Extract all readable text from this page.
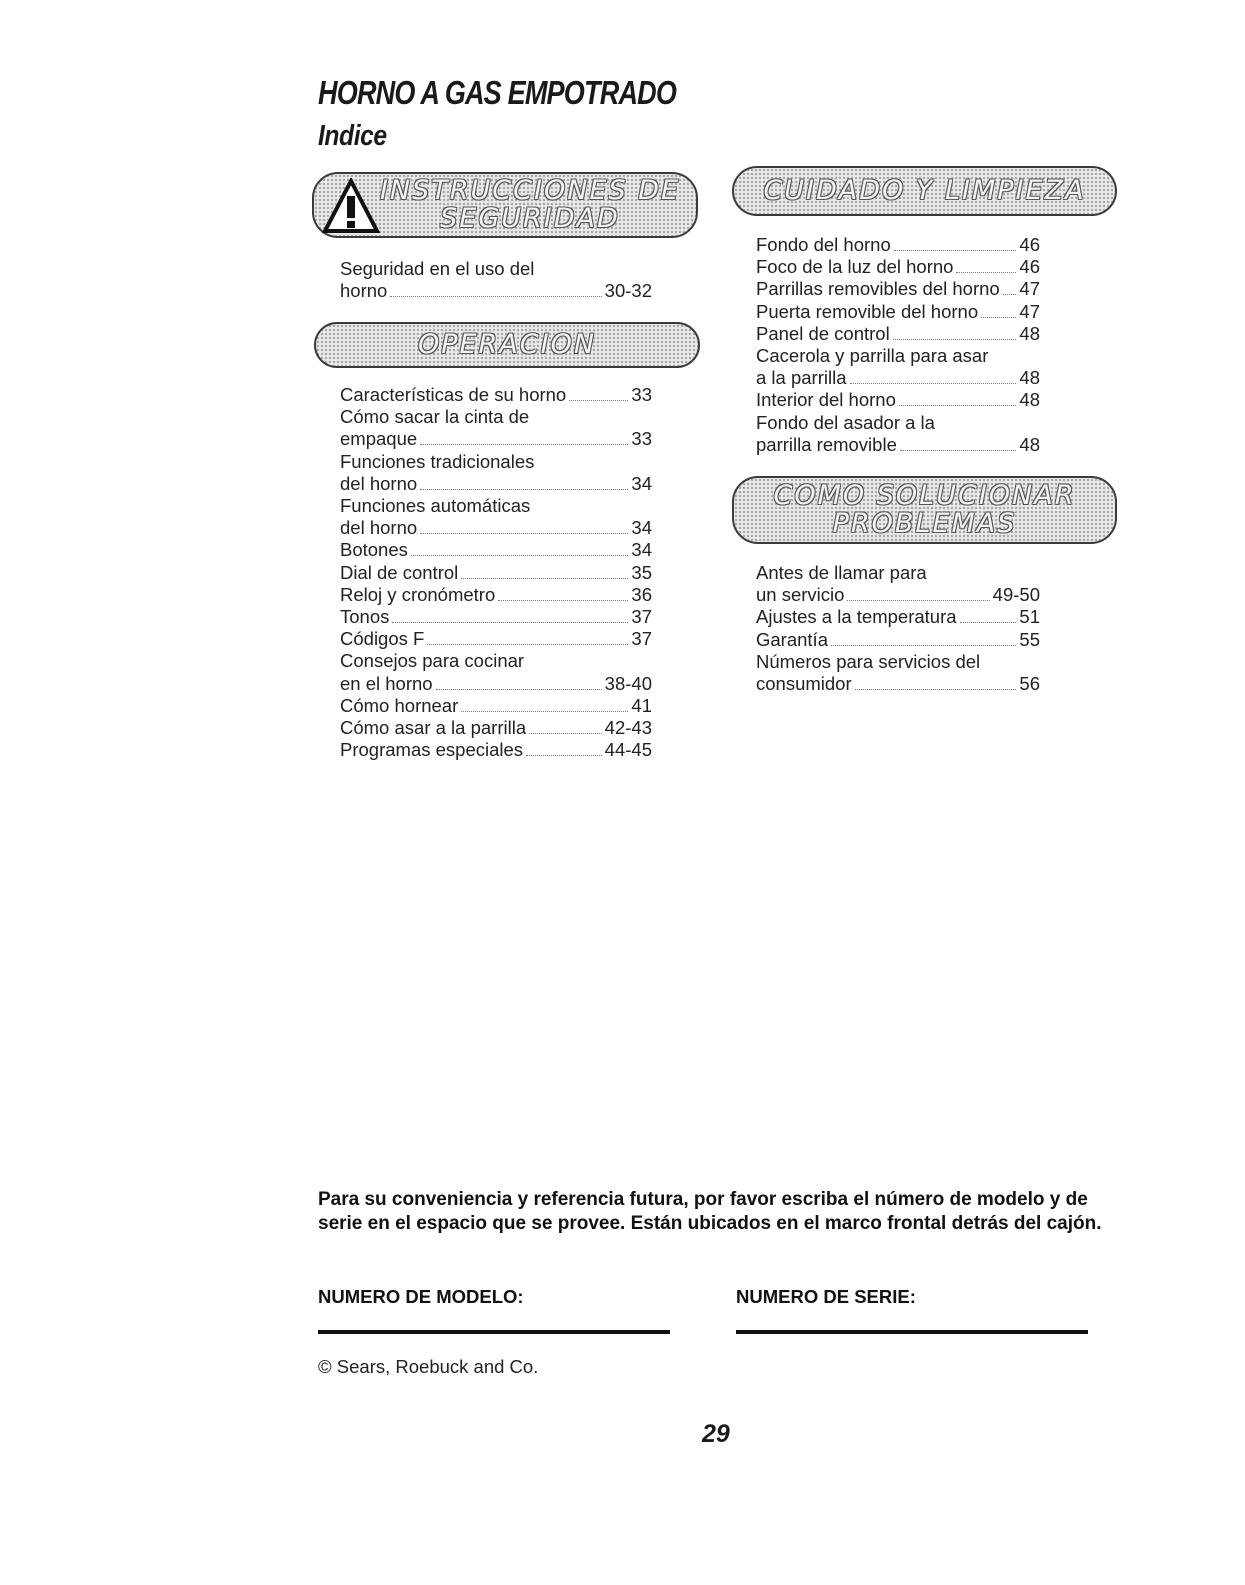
HORNO A GAS EMPOTRADO
Indice
INSTRUCCIONES DE
SEGURIDAD
OPERACION
CUIDADO Y LIMPIEZA
COMO SOLUCIONAR
PROBLEMAS
Seguridad en el uso del
horno	30-32
Características de su horno	33
Cómo sacar la cinta de
empaque	33
Funciones tradicionales
del horno	34
Funciones automáticas
del horno	34
Botones	34
Dial de control	35
Reloj y cronómetro	36
Tonos	37
Códigos F	37
Consejos para cocinar
en el horno	38-40
Cómo hornear	41
Cómo asar a la parrilla	42-43
Programas especiales	44-45
Fondo del horno	46
Foco de la luz del horno	46
Parrillas removibles del horno 47
Puerta removible del horno 47
Panel de control	48
Cacerola y parrilla para asar
a la parrilla	48
Interior del horno	48
Fondo del asador a la
parrilla removible	48
Antes de llamar para
un servicio	49-50
Ajustes a la temperatura	51
Garantía	55
Números para servicios del
consumidor	56

Para su conveniencia y referencia futura, por favor escriba el número de modelo y de serie en el espacio que se provee. Están ubicados en el marco frontal detrás del cajón.

NUMERO DE MODELO:	NUMERO DE SERIE:
© Sears, Roebuck and Co.
29
